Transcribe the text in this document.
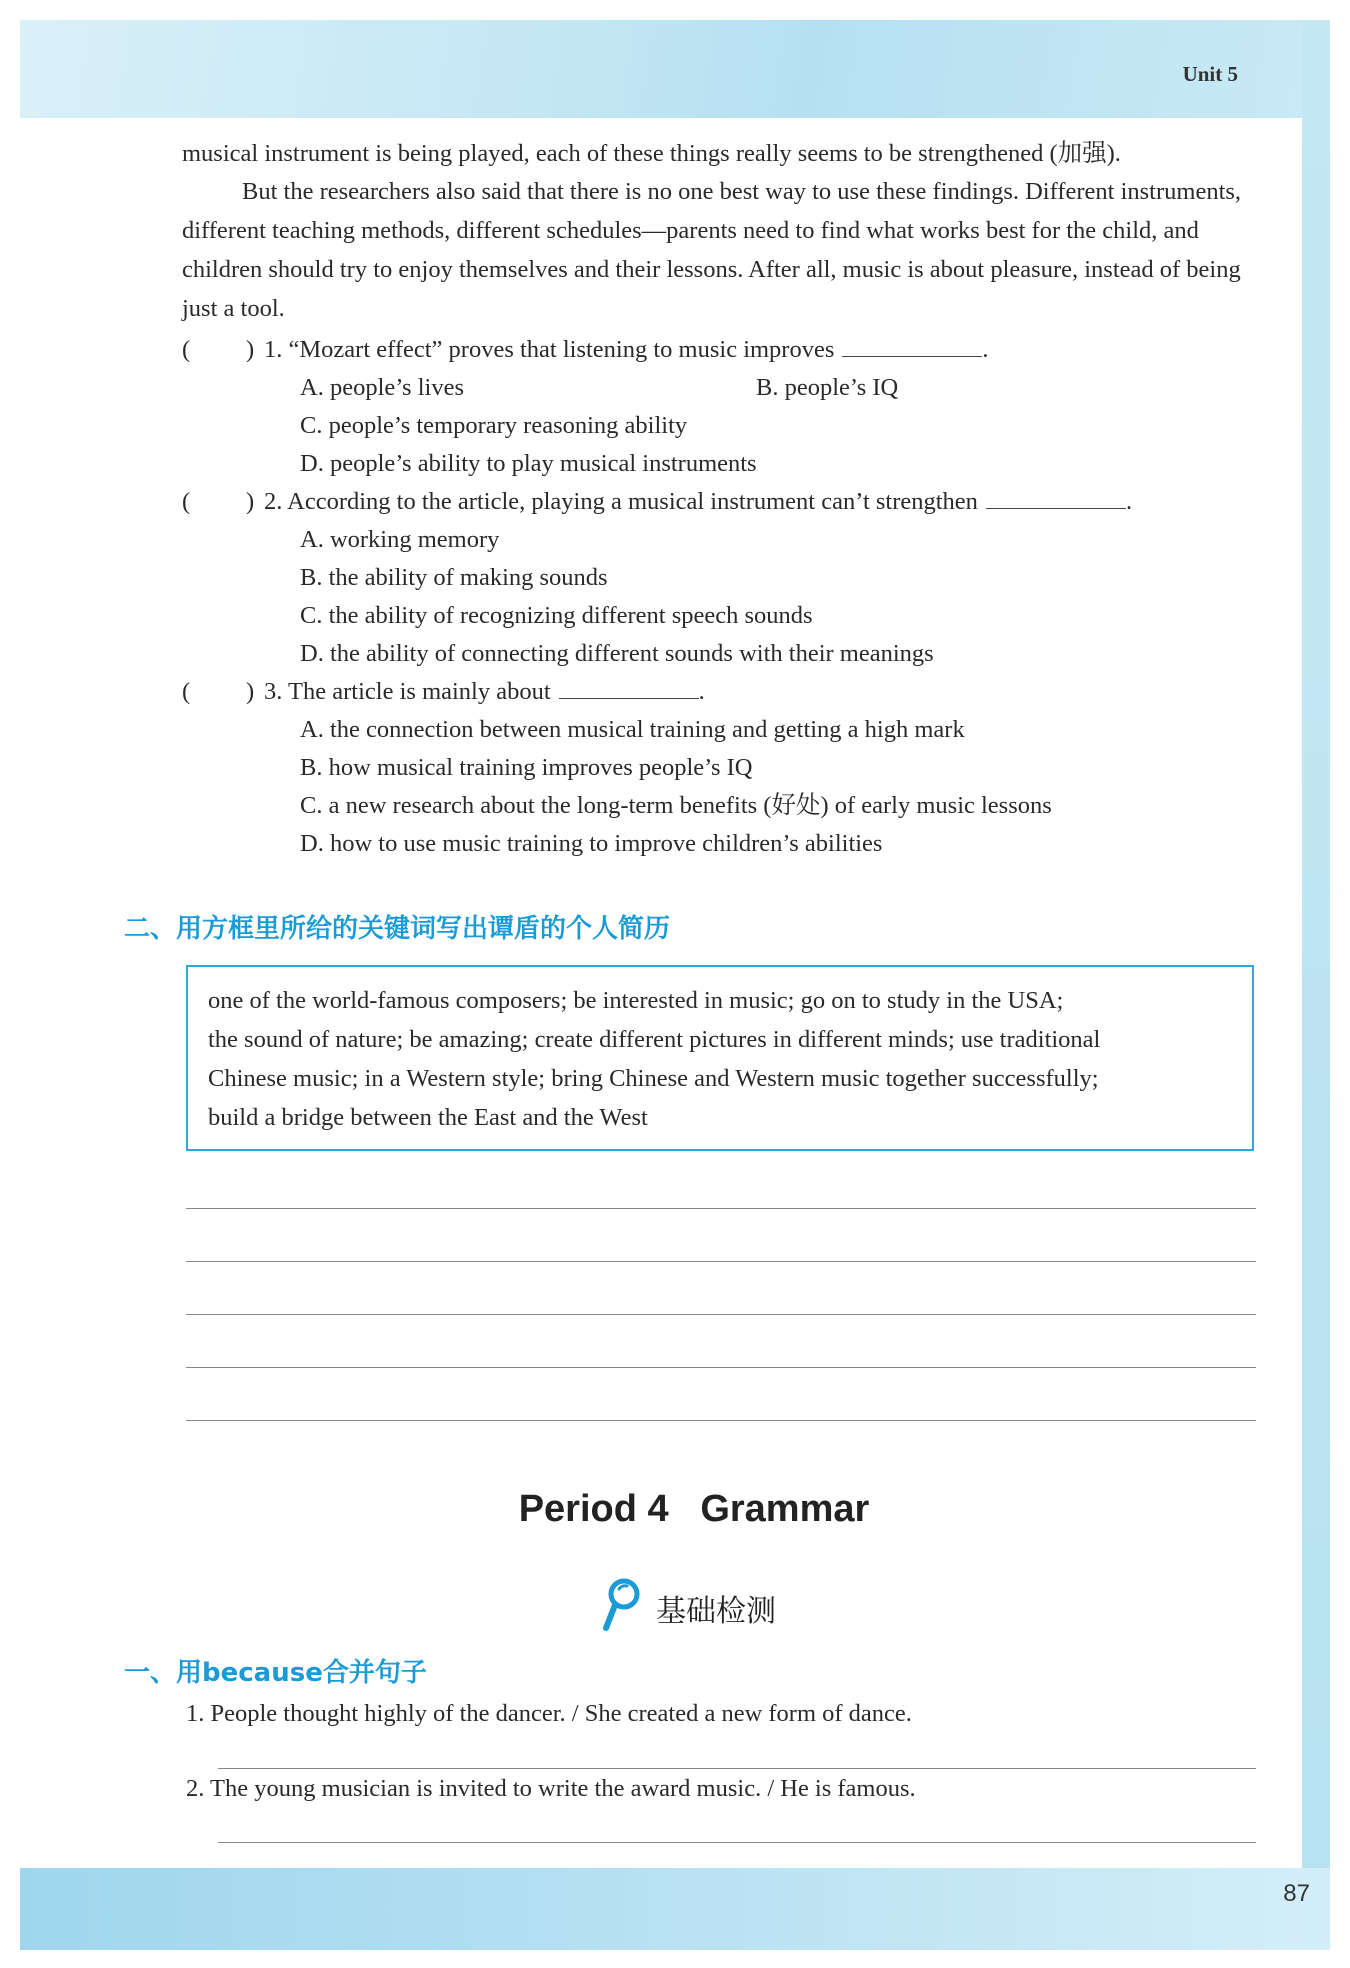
Unit 5
87
musical instrument is being played, each of these things really seems to be strengthened (加强).
But the researchers also said that there is no one best way to use these findings. Different instruments, different teaching methods, different schedules—parents need to find what works best for the child, and children should try to enjoy themselves and their lessons. After all, music is about pleasure, instead of being just a tool.
( ) 1. “Mozart effect” proves that listening to music improves	.
A. people’s lives	B. people’s IQ
C. people’s temporary reasoning ability
D. people’s ability to play musical instruments
( ) 2. According to the article, playing a musical instrument can’t strengthen	.
A. working memory
B. the ability of making sounds
C. the ability of recognizing different speech sounds
D. the ability of connecting different sounds with their meanings
( ) 3. The article is mainly about	.
A. the connection between musical training and getting a high mark
B. how musical training improves people’s IQ
C. a new research about the long-term benefits (好处) of early music lessons
D. how to use music training to improve children’s abilities
二、用方框里所给的关键词写出谭盾的个人简历
one of the world-famous composers; be interested in music; go on to study in the USA;
the sound of nature; be amazing; create different pictures in different minds; use traditional
Chinese music; in a Western style; bring Chinese and Western music together successfully;
build a bridge between the East and the West
Period 4   Grammar
基础检测
一、用because合并句子
1. People thought highly of the dancer. / She created a new form of dance.
2. The young musician is invited to write the award music. / He is famous.
